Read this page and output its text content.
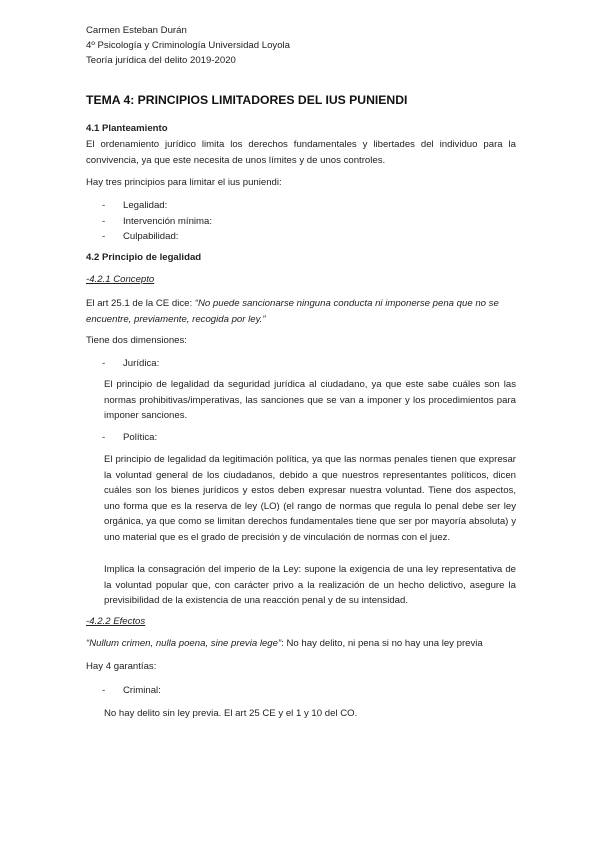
Carmen Esteban Durán
4º Psicología y Criminología Universidad Loyola
Teoría jurídica del delito 2019-2020
TEMA 4: PRINCIPIOS LIMITADORES DEL IUS PUNIENDI
4.1 Planteamiento
El ordenamiento jurídico limita los derechos fundamentales y libertades del individuo para la convivencia, ya que este necesita de unos límites y de unos controles.
Hay tres principios para limitar el ius puniendi:
- Legalidad:
- Intervención mínima:
- Culpabilidad:
4.2 Principio de legalidad
-4.2.1 Concepto
El art 25.1 de la CE dice: “No puede sancionarse ninguna conducta ni imponerse pena que no se encuentre, previamente, recogida por ley.”
Tiene dos dimensiones:
- Jurídica:
El principio de legalidad da seguridad jurídica al ciudadano, ya que este sabe cuáles son las normas prohibitivas/imperativas, las sanciones que se van a imponer y los procedimientos para imponer sanciones.
- Política:
El principio de legalidad da legitimación política, ya que las normas penales tienen que expresar la voluntad general de los ciudadanos, debido a que nuestros representantes políticos, dicen cuáles son los bienes jurídicos y estos deben expresar nuestra voluntad. Tiene dos aspectos, uno forma que es la reserva de ley (LO) (el rango de normas que regula lo penal debe ser ley orgánica, ya que como se limitan derechos fundamentales tiene que ser por mayoría absoluta) y uno material que es el grado de precisión y de vinculación de normas con el juez.
Implica la consagración del imperio de la Ley: supone la exigencia de una ley representativa de la voluntad popular que, con carácter privo a la realización de un hecho delictivo, asegure la previsibilidad de la existencia de una reacción penal y de su intensidad.
-4.2.2 Efectos
“Nullum crimen, nulla poena, sine previa lege”: No hay delito, ni pena si no hay una ley previa
Hay 4 garantías:
- Criminal:
No hay delito sin ley previa. El art 25 CE y el 1 y 10 del CO.
